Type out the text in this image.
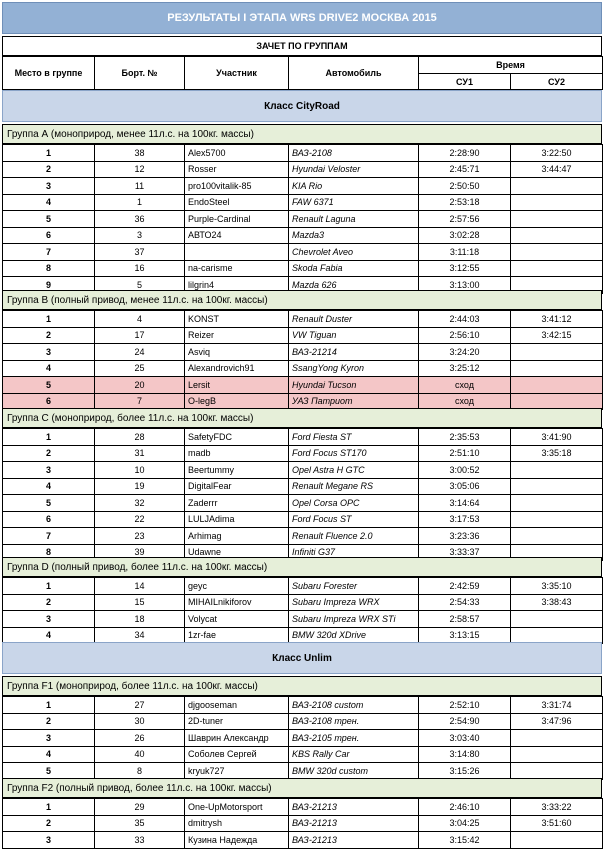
РЕЗУЛЬТАТЫ I ЭТАПА WRS DRIVE2 МОСКВА 2015
ЗАЧЕТ ПО ГРУППАМ
Место в группе	Борт. №	Участник	Автомобиль	Время	
				СУ1	СУ2
Класс CityRoad
Группа А (моноприрод, менее 11л.с. на 100кг. массы)
1	38	Alex5700	ВАЗ-2108	2:28:90	3:22:50
2	12	Rosser	Hyundai Veloster	2:45:71	3:44:47
3	11	pro100vitalik-85	KIA Rio	2:50:50	
4	1	EndoSteel	FAW 6371	2:53:18	
5	36	Purple-Cardinal	Renault Laguna	2:57:56	
6	3	АВТО24	Mazda3	3:02:28	
7	37		Chevrolet Aveo	3:11:18	
8	16	na-carisme	Skoda Fabia	3:12:55	
9	5	lilgrin4	Mazda 626	3:13:00	
Группа B (полный привод, менее 11л.с. на 100кг. массы)
1	4	KONST	Renault Duster	2:44:03	3:41:12
2	17	Reizer	VW Tiguan	2:56:10	3:42:15
3	24	Asviq	ВАЗ-21214	3:24:20	
4	25	Alexandrovich91	SsangYong Kyron	3:25:12	
5	20	Lersit	Hyundai Tucson	сход	
6	7	O-legB	УАЗ Патриот	сход	
Группа C (моноприрод, более 11л.с. на 100кг. массы)
1	28	SafetyFDC	Ford Fiesta ST	2:35:53	3:41:90
2	31	madb	Ford Focus ST170	2:51:10	3:35:18
3	10	Beertummy	Opel Astra H GTC	3:00:52	
4	19	DigitalFear	Renault Megane RS	3:05:06	
5	32	Zaderrr	Opel Corsa OPC	3:14:64	
6	22	LULJAdima	Ford Focus ST	3:17:53	
7	23	Arhimag	Renault Fluence 2.0	3:23:36	
8	39	Udawne	Infiniti G37	3:33:37	
Группа D (полный привод, более 11л.с. на 100кг. массы)
1	14	geyc	Subaru Forester	2:42:59	3:35:10
2	15	MIHAILnikiforov	Subaru Impreza WRX	2:54:33	3:38:43
3	18	Volycat	Subaru Impreza WRX STi	2:58:57	
4	34	1zr-fae	BMW 320d XDrive	3:13:15	
Класс Unlim
Группа F1 (моноприрод, более 11л.с. на 100кг. массы)
1	27	djgooseman	ВАЗ-2108 custom	2:52:10	3:31:74
2	30	2D-tuner	ВАЗ-2108 трен.	2:54:90	3:47:96
3	26	Шаврин Александр	ВАЗ-2105 трен.	3:03:40	
4	40	Соболев Сергей	KBS Rally Car	3:14:80	
5	8	kryuk727	BMW 320d custom	3:15:26	
Группа F2 (полный привод, более 11л.с. на 100кг. массы)
1	29	One-UpMotorsport	ВАЗ-21213	2:46:10	3:33:22
2	35	dmitrysh	ВАЗ-21213	3:04:25	3:51:60
3	33	Кузина Надежда	ВАЗ-21213	3:15:42	
